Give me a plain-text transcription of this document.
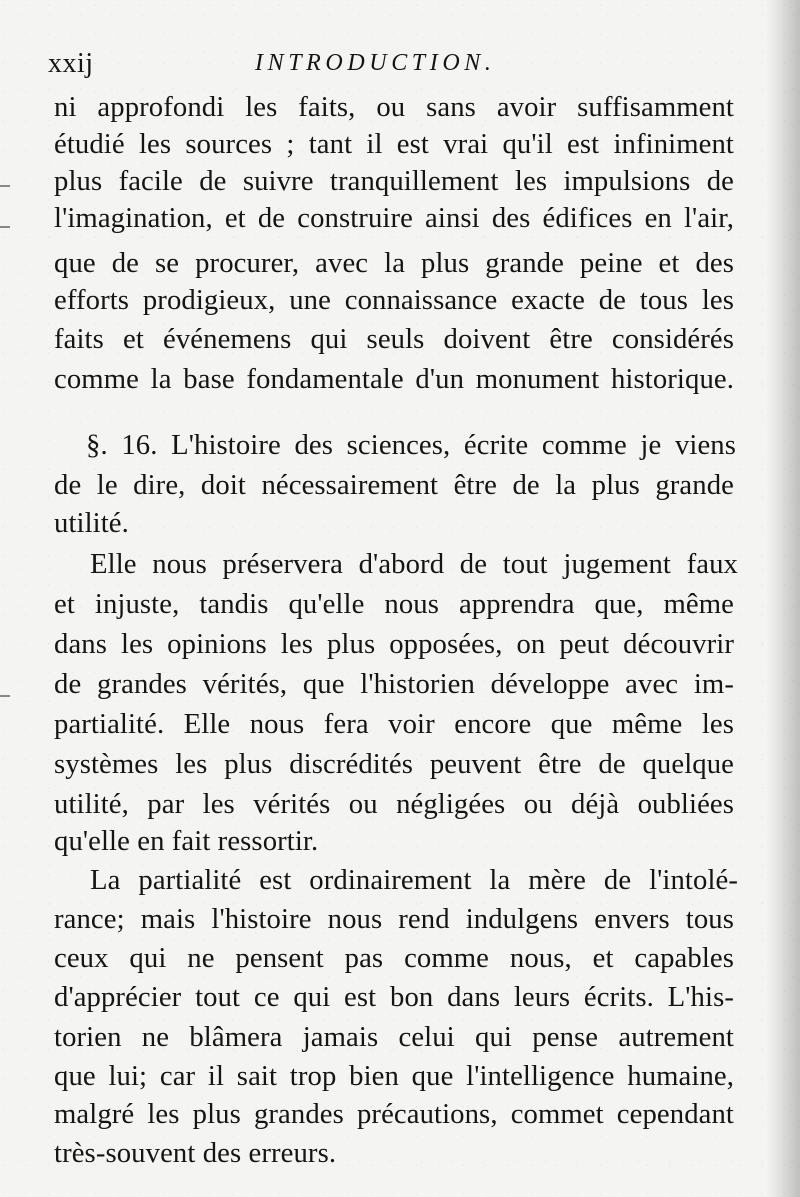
xxij	INTRODUCTION.
ni approfondi les faits, ou sans avoir suffisamment
étudié les sources ; tant il est vrai qu'il est infiniment
plus facile de suivre tranquillement les impulsions de
l'imagination, et de construire ainsi des édifices en l'air,
que de se procurer, avec la plus grande peine et des
efforts prodigieux, une connaissance exacte de tous les
faits et événemens qui seuls doivent être considérés
comme la base fondamentale d'un monument historique.
§. 16. L'histoire des sciences, écrite comme je viens
de le dire, doit nécessairement être de la plus grande
utilité.
Elle nous préservera d'abord de tout jugement faux
et injuste, tandis qu'elle nous apprendra que, même
dans les opinions les plus opposées, on peut découvrir
de grandes vérités, que l'historien développe avec im-
partialité. Elle nous fera voir encore que même les
systèmes les plus discrédités peuvent être de quelque
utilité, par les vérités ou négligées ou déjà oubliées
qu'elle en fait ressortir.
La partialité est ordinairement la mère de l'intolé-
rance; mais l'histoire nous rend indulgens envers tous
ceux qui ne pensent pas comme nous, et capables
d'apprécier tout ce qui est bon dans leurs écrits. L'his-
torien ne blâmera jamais celui qui pense autrement
que lui; car il sait trop bien que l'intelligence humaine,
malgré les plus grandes précautions, commet cependant
très-souvent des erreurs.
